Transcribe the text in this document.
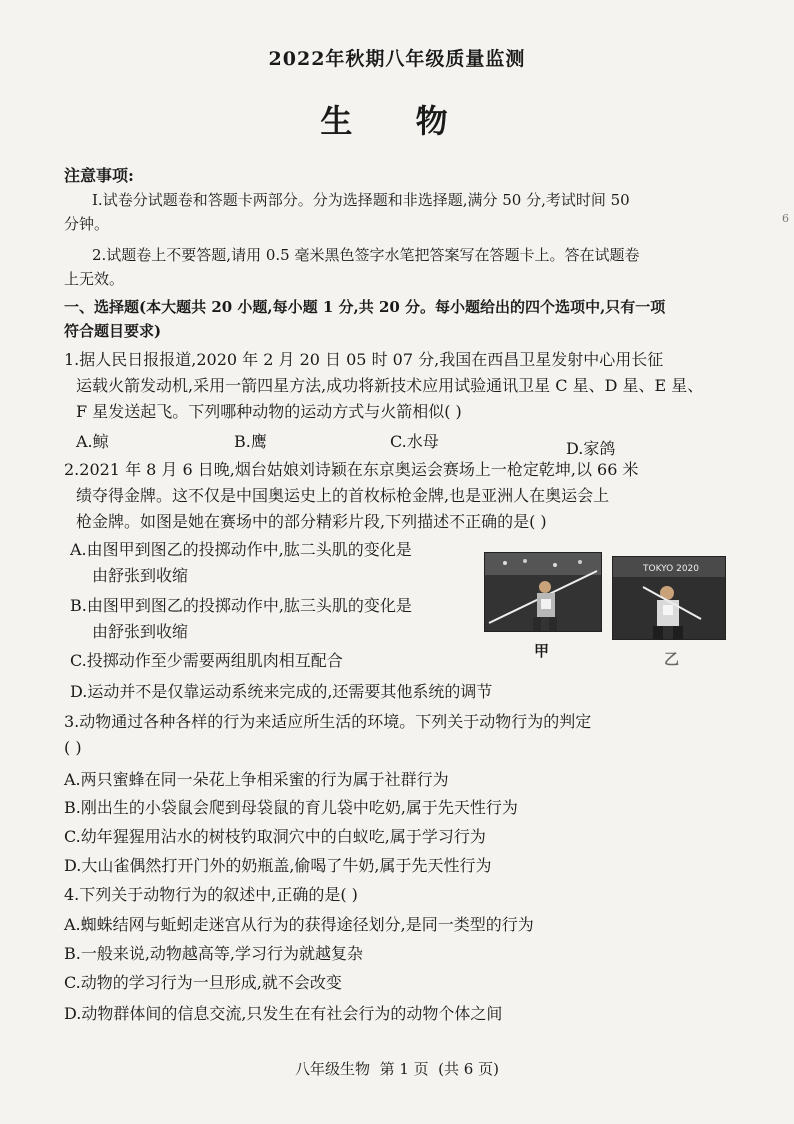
2022年秋期八年级质量监测
生 物
注意事项:
I.试卷分试题卷和答题卡两部分。分为选择题和非选择题,满分 50 分,考试时间 50
分钟。
2.试题卷上不要答题,请用 0.5 毫米黑色签字水笔把答案写在答题卡上。答在试题卷
上无效。
一、选择题(本大题共 20 小题,每小题 1 分,共 20 分。每小题给出的四个选项中,只有一项
符合题目要求)
1.据人民日报报道,2020 年 2 月 20 日 05 时 07 分,我国在西昌卫星发射中心用长征
运载火箭发动机,采用一箭四星方法,成功将新技术应用试验通讯卫星 C 星、D 星、E 星、
F 星发送起飞。下列哪种动物的运动方式与火箭相似( )
A.鲸	B.鹰	C.水母	D.家鸽
2.2021 年 8 月 6 日晚,烟台姑娘刘诗颖在东京奥运会赛场上一枪定乾坤,以 66 米
绩夺得金牌。这不仅是中国奥运史上的首枚标枪金牌,也是亚洲人在奥运会上
枪金牌。如图是她在赛场中的部分精彩片段,下列描述不正确的是( )
A.由图甲到图乙的投掷动作中,肱二头肌的变化是
由舒张到收缩
B.由图甲到图乙的投掷动作中,肱三头肌的变化是
由舒张到收缩
C.投掷动作至少需要两组肌肉相互配合
D.运动并不是仅靠运动系统来完成的,还需要其他系统的调节
TOKYO 2020
甲	乙
3.动物通过各种各样的行为来适应所生活的环境。下列关于动物行为的判定
( )
A.两只蜜蜂在同一朵花上争相采蜜的行为属于社群行为
B.刚出生的小袋鼠会爬到母袋鼠的育儿袋中吃奶,属于先天性行为
C.幼年猩猩用沾水的树枝钓取洞穴中的白蚁吃,属于学习行为
D.大山雀偶然打开门外的奶瓶盖,偷喝了牛奶,属于先天性行为
4.下列关于动物行为的叙述中,正确的是( )
A.蜘蛛结网与蚯蚓走迷宫从行为的获得途径划分,是同一类型的行为
B.一般来说,动物越高等,学习行为就越复杂
C.动物的学习行为一旦形成,就不会改变
D.动物群体间的信息交流,只发生在有社会行为的动物个体之间
八年级生物  第 1 页  (共 6 页)
6
